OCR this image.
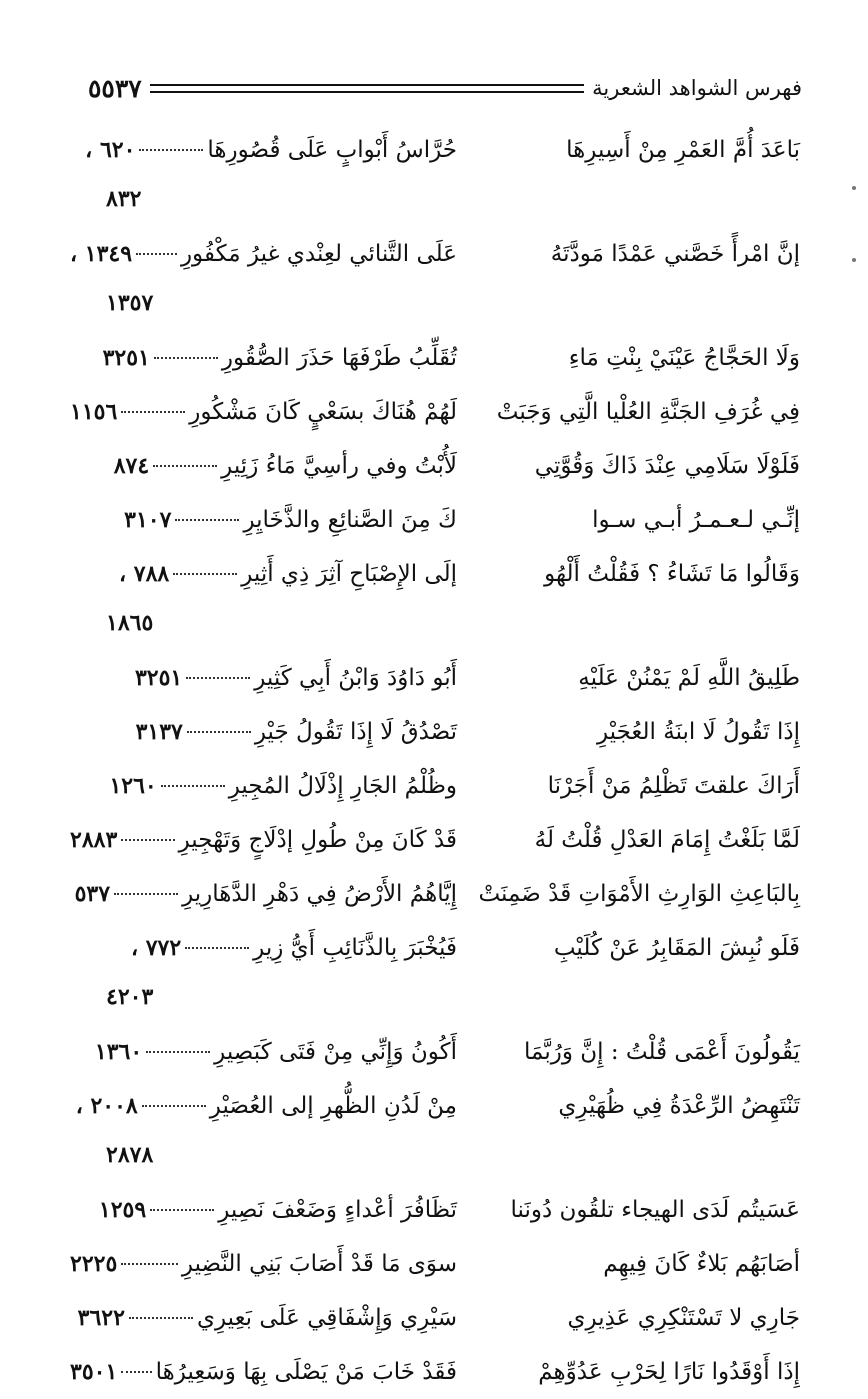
فهرس الشواهد الشعرية
٥٥٣٧
بَاعَدَ أُمَّ العَمْرِ مِنْ أَسِيرِهَا
حُرَّاسُ أَبْوابٍ عَلَى قُصُورِهَا
٦٢٠ ،
٨٣٢
إنَّ امْرأً خَصَّني عَمْدًا مَودَّتَهُ
عَلَى التَّنائي لعِنْدي غيرُ مَكْفُورِ
١٣٤٩ ،
١٣٥٧
وَلَا الحَجَّاجُ عَيْنَيْ بِنْتِ مَاءِ
تُقَلِّبُ طَرْفَهَا حَذَرَ الصُّقُورِ
٣٢٥١
فِي غُرَفِ الجَنَّةِ العُلْيا الَّتِي وَجَبَتْ
لَهُمْ هُنَاكَ بسَعْيٍ كَانَ مَشْكُورِ
١١٥٦
فَلَوْلَا سَلَامِي عِنْدَ ذَاكَ وَقُوَّتِي
لَأُبْتُ وفي رأسِيَّ مَاءُ زَئِيرِ
٨٧٤
إنِّـي لـعـمـرُ أبـي سـوا
كَ مِنَ الصَّنائِعِ والذَّخَايِرِ
٣١٠٧
وَقَالُوا مَا تَشَاءُ ؟ فَقُلْتُ أَلْهُو
إلَى الإِصْبَاحِ آثِرَ ذِي أَثِيرِ
٧٨٨ ،
١٨٦٥
طَلِيقُ اللَّهِ لَمْ يَمْنُنْ عَلَيْهِ
أَبُو دَاوُدَ وَابْنُ أَبِي كَثِيرِ
٣٢٥١
إِذَا تَقُولُ لَا ابنَةُ العُجَيْرِ
تَصْدُقُ لَا إِذَا تَقُولُ جَيْرِ
٣١٣٧
أَرَاكَ علقتَ تَظْلِمُ مَنْ أَجَرْنَا
وظُلْمُ الجَارِ إِذْلَالُ المُجِيرِ
١٢٦٠
لَمَّا بَلَغْتُ إِمَامَ العَدْلِ قُلْتُ لَهُ
قَدْ كَانَ مِنْ طُولِ إدْلَاجٍ وَتَهْجِيرِ
٢٨٨٣
بِالبَاعِثِ الوَارِثِ الأَمْوَاتِ قَدْ ضَمِنَتْ
إِيَّاهُمُ الأَرْضُ فِي دَهْرِ الدَّهَارِيرِ
٥٣٧
فَلَو نُبِشَ المَقَابِرُ عَنْ كُلَيْبِ
فَيُخْبَرَ بِالذَّنَائِبِ أَيُّ زِيرِ
٧٧٢ ،
٤٢٠٣
يَقُولُونَ أَعْمَى قُلْتُ : إِنَّ وَرُبَّمَا
أَكُونُ وَإِنِّي مِنْ فَتَى كَبَصِيرِ
١٣٦٠
تَنْتَهِضُ الرِّعْدَةُ فِي ظُهَيْرِي
مِنْ لَدُنِ الظُّهرِ إلى العُصَيْرِ
٢٠٠٨ ،
٢٨٧٨
عَسَيتُم لَدَى الهيجاء تلقُون دُونَنا
تَظَافُرَ أعْداءٍ وَضَعْفَ نَصِيرِ
١٢٥٩
أصَابَهُم بَلاءٌ كَانَ فِيهِم
سوَى مَا قَدْ أَصَابَ بَنِي النَّضِيرِ
٢٢٢٥
جَارِي لا تَسْتَنْكِرِي عَذِيرِي
سَيْرِي وَإِشْفَاقِي عَلَى بَعِيرِي
٣٦٢٢
إِذَا أَوْقَدُوا نَارًا لِحَرْبِ عَدُوِّهِمْ
فَقَدْ خَابَ مَنْ يَصْلَى بِهَا وَسَعِيرُهَا
٣٥٠١
